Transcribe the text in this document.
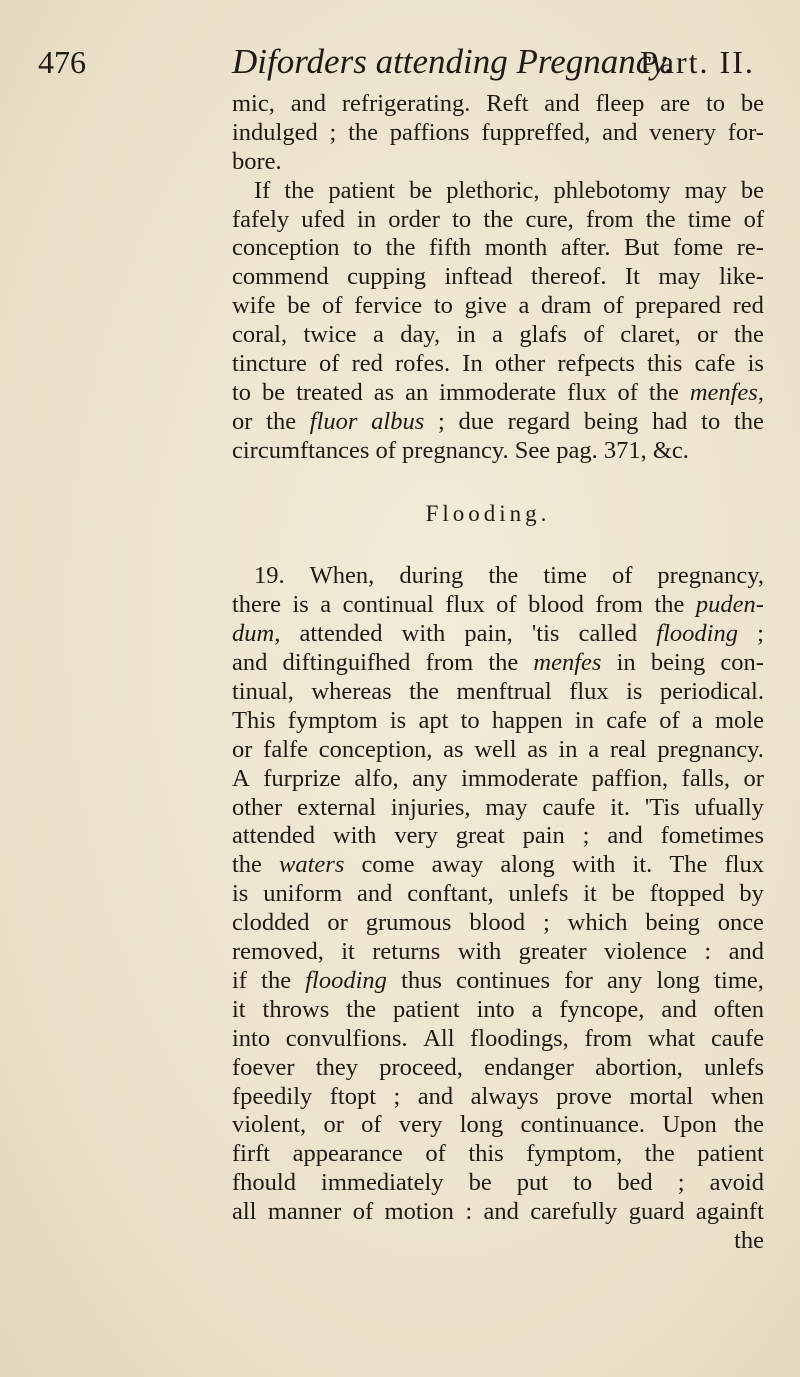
476	Diforders attending Pregnancy.
Part. II.
mic, and refrigerating. Reft and fleep are to be
indulged ; the paffions fuppreffed, and venery for-
bore.
If the patient be plethoric, phlebotomy may be
fafely ufed in order to the cure, from the time of
conception to the fifth month after. But fome re-
commend cupping inftead thereof. It may like-
wife be of fervice to give a dram of prepared red
coral, twice a day, in a glafs of claret, or the
tincture of red rofes. In other refpects this cafe is
to be treated as an immoderate flux of the menfes,
or the fluor albus ; due regard being had to the
circumftances of pregnancy. See pag. 371, &c.
Flooding.
19. When, during the time of pregnancy,
there is a continual flux of blood from the puden-
dum, attended with pain, 'tis called flooding ;
and diftinguifhed from the menfes in being con-
tinual, whereas the menftrual flux is periodical.
This fymptom is apt to happen in cafe of a mole
or falfe conception, as well as in a real pregnancy.
A furprize alfo, any immoderate paffion, falls, or
other external injuries, may caufe it. 'Tis ufually
attended with very great pain ; and fometimes
the waters come away along with it. The flux
is uniform and conftant, unlefs it be ftopped by
clodded or grumous blood ; which being once
removed, it returns with greater violence : and
if the flooding thus continues for any long time,
it throws the patient into a fyncope, and often
into convulfions. All floodings, from what caufe
foever they proceed, endanger abortion, unlefs
fpeedily ftopt ; and always prove mortal when
violent, or of very long continuance. Upon the
firft appearance of this fymptom, the patient
fhould immediately be put to bed ; avoid
all manner of motion : and carefully guard againft
the
